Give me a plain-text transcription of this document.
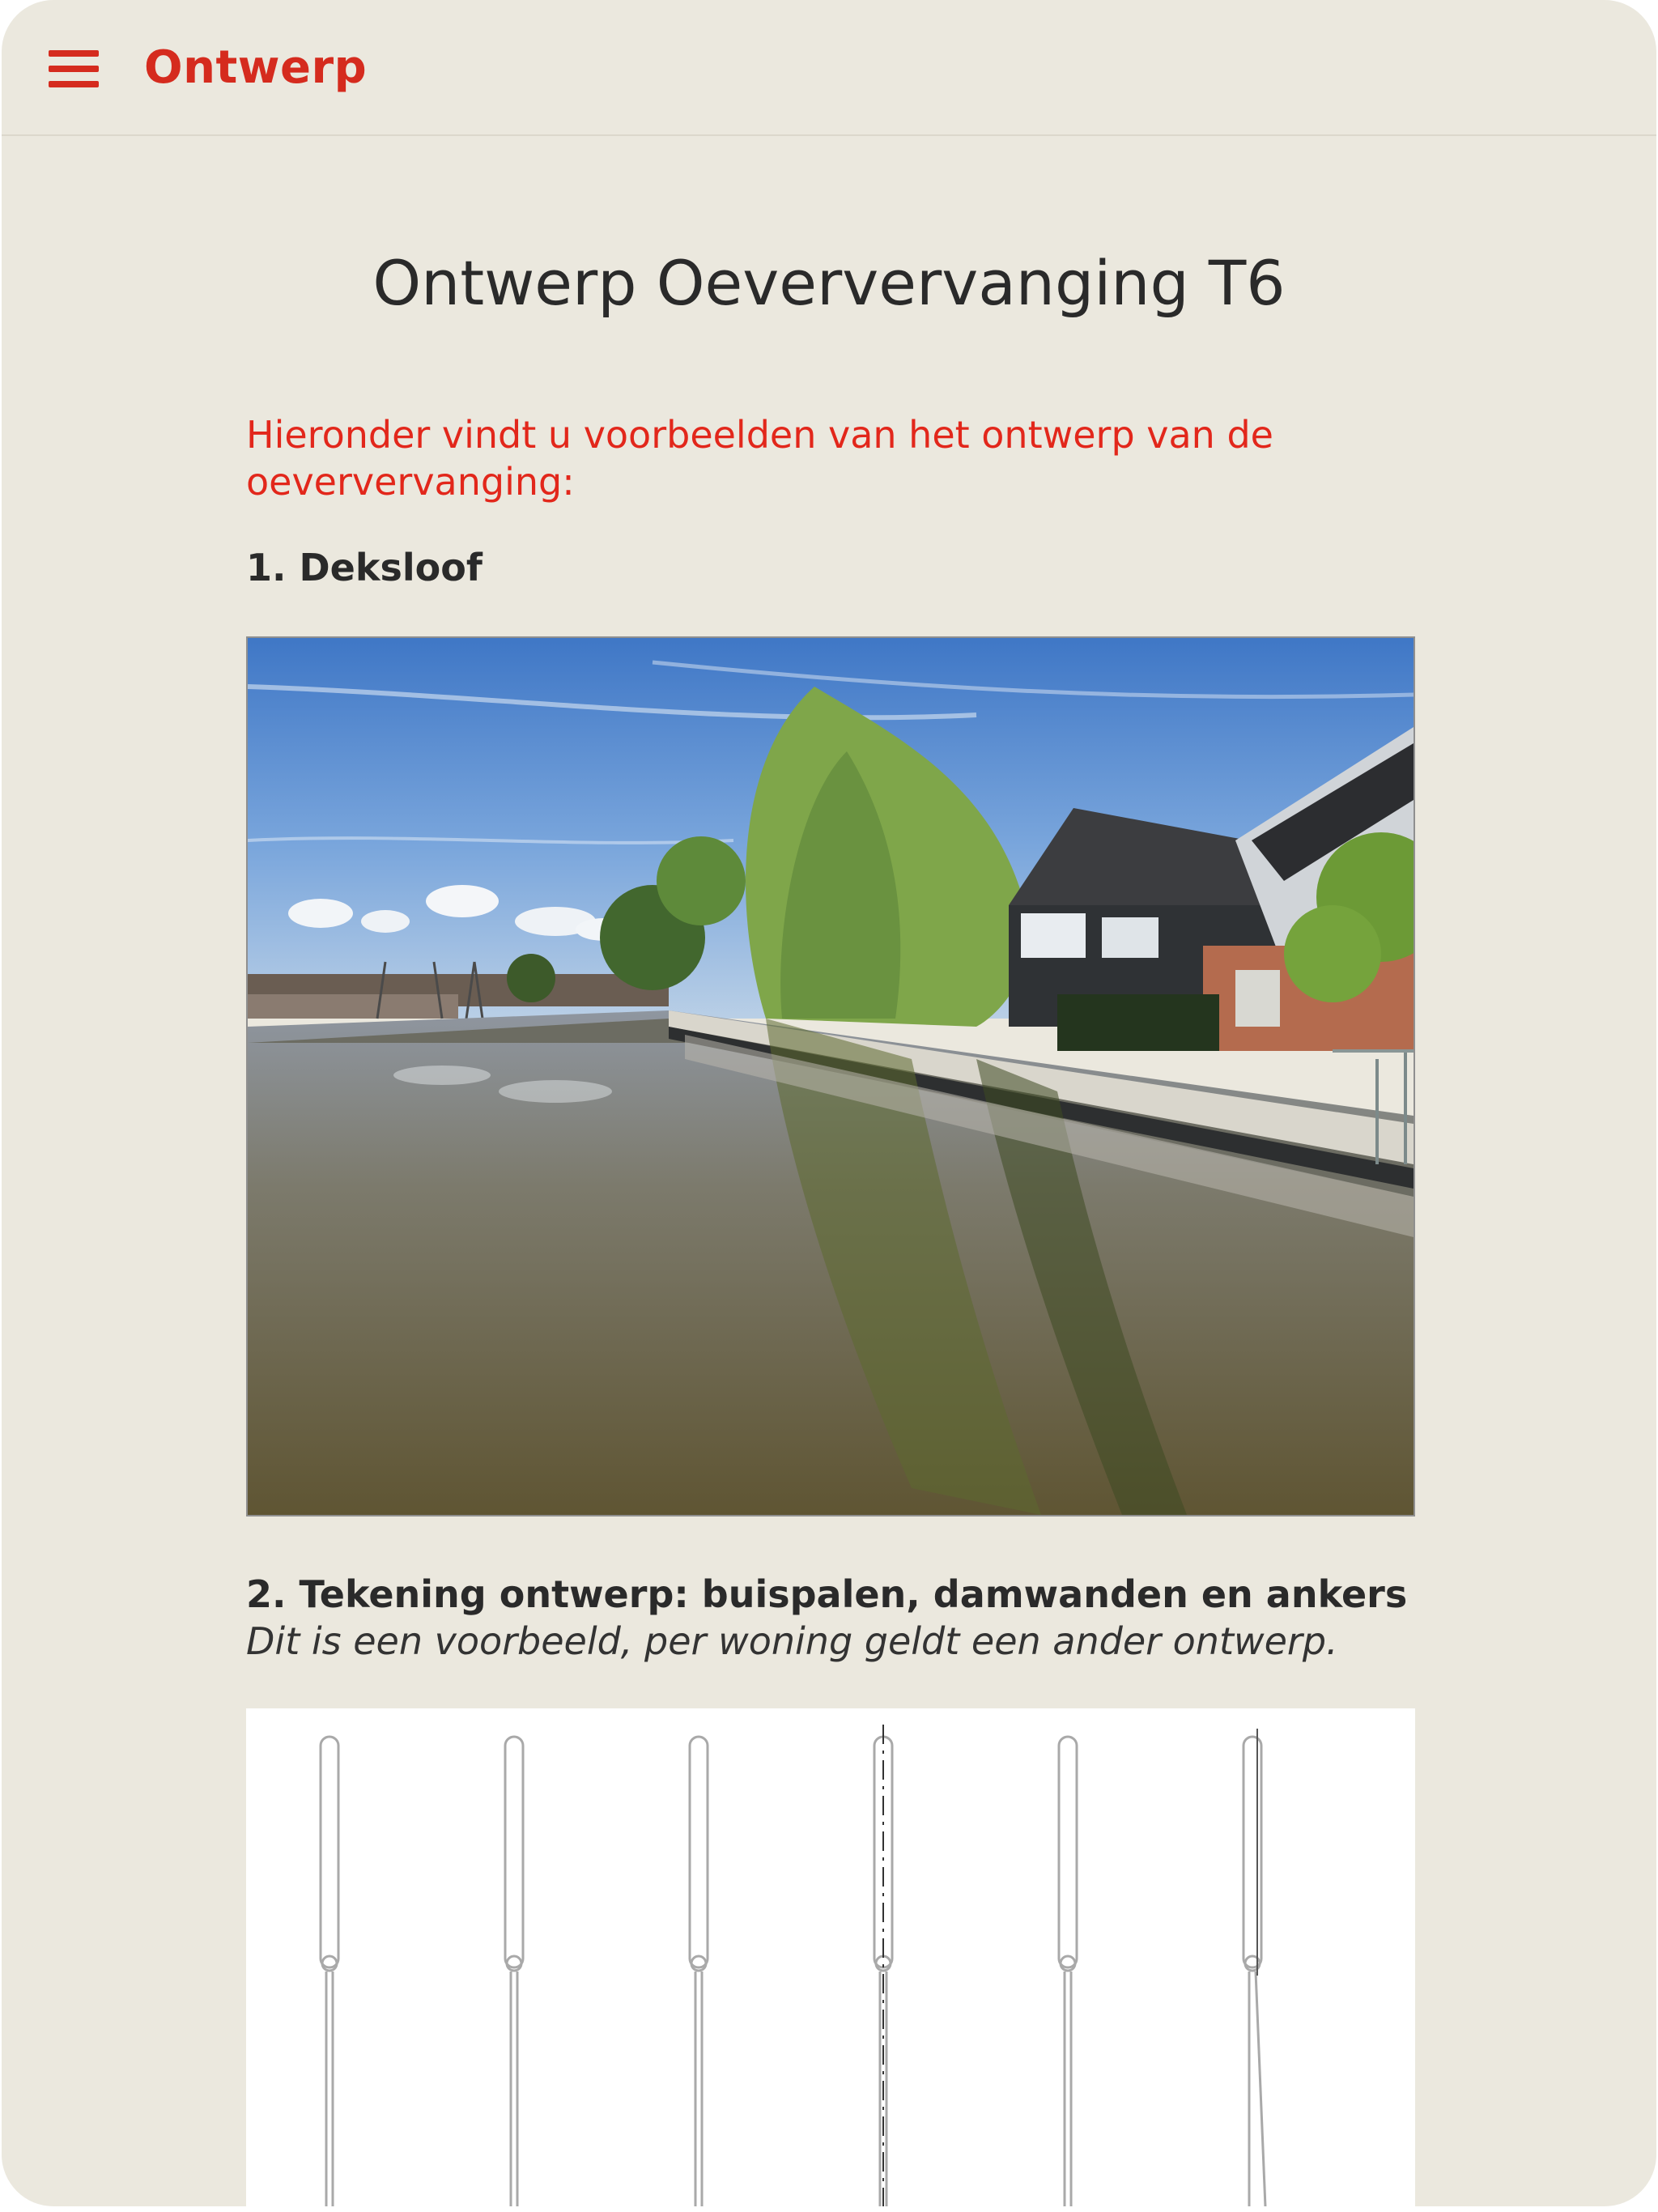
Ontwerp
Ontwerp Oeververvanging T6

Hieronder vindt u voorbeelden van het ontwerp van de oeververvanging:

1. Deksloof
2. Tekening ontwerp: buispalen, damwanden en ankers

Dit is een voorbeeld, per woning geldt een ander ontwerp.
